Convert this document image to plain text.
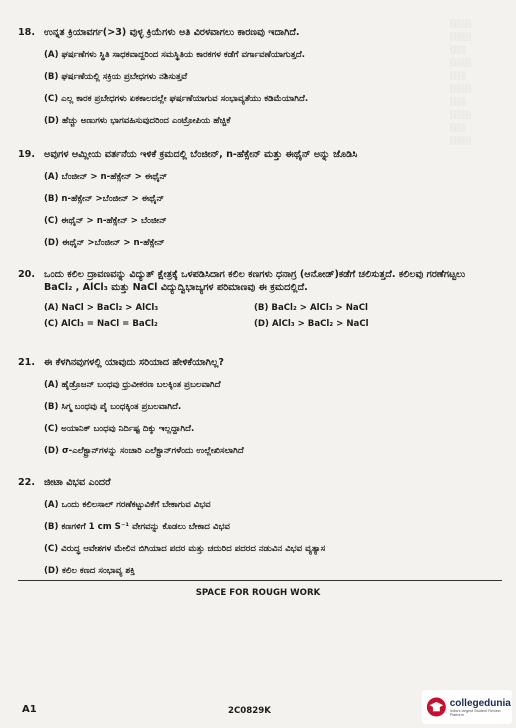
░░░░
░░░░
░░░
░░░░
░░░
░░░░
░░░
░░░░
░░░
░░░░
18. ಉನ್ನತ ಕ್ರಿಯಾವರ್ಗ(>3) ವುಳ್ಳ ಕ್ರಿಯೆಗಳು ಅತಿ ವಿರಳವಾಗಲು ಕಾರಣವು ಇದಾಗಿದೆ.
(A) ಘರ್ಷಣೆಗಳು ಸ್ಥಿತಿ ಸಾಧಕವಾದ್ದರಿಂದ ಸಮಸ್ಥಿತಿಯ ಕಾರಕಗಳ ಕಡೆಗೆ ವರ್ಗಾವಣೆಯಾಗುತ್ತದೆ.
(B) ಘರ್ಷಣೆಯಲ್ಲಿ ಸಕ್ರಿಯ ಪ್ರಬೇಧಗಳು ನಶಿಸುತ್ತವೆ
(C) ಎಲ್ಲ ಕಾರಕ ಪ್ರಬೇಧಗಳು ಏಕಕಾಲದಲ್ಲೇ ಘರ್ಷಣೆಯಾಗುವ ಸಂಭಾವ್ಯತೆಯು ಕಡಿಮೆಯಾಗಿದೆ.
(D) ಹೆಚ್ಚು ಅಣುಗಳು ಭಾಗವಹಿಸುವುದರಿಂದ ಎಂಟ್ರೋಪಿಯ ಹೆಚ್ಚಿಕೆ
19. ಅವುಗಳ ಆಮ್ಲೀಯ ವರ್ತನೆಯ ಇಳಿಕೆ ಕ್ರಮದಲ್ಲಿ ಬೆಂಜೀನ್, n-ಹೆಕ್ಸೇನ್ ಮತ್ತು ಈಥೈನ್ ಅನ್ನು ಜೊಡಿಸಿ
(A) ಬೆಂಜೀನ್ > n-ಹೆಕ್ಸೇನ್ > ಈಥೈನ್
(B) n-ಹೆಕ್ಸೇನ್ >ಬೆಂಜೀನ್ > ಈಥೈನ್
(C) ಈಥೈನ್ > n-ಹೆಕ್ಸೇನ್ > ಬೆಂಜೀನ್
(D) ಈಥೈನ್ >ಬೆಂಜೀನ್ > n-ಹೆಕ್ಸೇನ್
20. ಒಂದು ಕಲಿಲ ದ್ರಾವಣವನ್ನು ವಿದ್ಯುತ್ ಕ್ಷೇತ್ರಕ್ಕೆ ಒಳಪಡಿಸಿದಾಗ ಕಲಿಲ ಕಣಗಳು ಧನಾಗ್ರ (ಆನೋಡ್)ಕಡೆಗೆ ಚಲಿಸುತ್ತದೆ. ಕಲಿಲವು ಗರಣೆಗಟ್ಟಲು BaCl₂ , AlCl₃ ಮತ್ತು NaCl ವಿದ್ಯುದ್ವಿಭಾಜ್ಯಗಳ ಪರಿಮಾಣವು ಈ ಕ್ರಮದಲ್ಲಿದೆ.
(A) NaCl > BaCl₂ > AlCl₃	(B) BaCl₂ > AlCl₃ > NaCl
(C) AlCl₃ = NaCl = BaCl₂	(D) AlCl₃ > BaCl₂ > NaCl
21. ಈ ಕೆಳಗಿನವುಗಳಲ್ಲಿ ಯಾವುದು ಸರಿಯಾದ ಹೇಳಿಕೆಯಾಗಿಲ್ಲ?
(A) ಹೈಡ್ರೊಜನ್ ಬಂಧವು ಧ್ರುವೀಕರಣ ಬಲಕ್ಕಿಂತ ಪ್ರಬಲವಾಗಿದೆ
(B) ಸಿಗ್ಮ ಬಂಧವು ಪೈ ಬಂಧಕ್ಕಿಂತ ಪ್ರಬಲವಾಗಿದೆ.
(C) ಅಯಾನಿಕ್ ಬಂಧವು ನಿರ್ದಿಷ್ಟ ದಿಕ್ಕು ಇಲ್ಲದ್ದಾಗಿದೆ.
(D) σ-ಎಲೆಕ್ಟ್ರಾನ್‌ಗಳನ್ನು ಸಂಚಾರಿ ಎಲೆಕ್ಟ್ರಾನ್‌ಗಳೆಂದು ಉಲ್ಲೇಖಿಸಲಾಗಿದೆ
22. ಜೀಟಾ ವಿಭವ ಎಂದರೆ
(A) ಒಂದು ಕಲಿಲಸಾಲ್ ಗರಣೆಕಟ್ಟುವಿಕೆಗೆ ಬೇಕಾಗುವ ವಿಭವ
(B) ಕಣಗಳಿಗೆ 1 cm S⁻¹ ವೇಗವನ್ನು ಕೊಡಲು ಬೇಕಾದ ವಿಭವ
(C) ವಿರುದ್ಧ ಆವೇಶಗಳ ಮೇಲಿನ ಬಿಗಿಯಾದ ಪದರ ಮತ್ತು ಚದುರಿದ ಪದರದ ನಡುವಿನ ವಿಭವ ವ್ಯತ್ಯಾಸ
(D) ಕಲಿಲ ಕಣದ ಸಂಭಾವ್ಯ ಶಕ್ತಿ
SPACE FOR ROUGH WORK
A1	2C0829K
collegedunia
India's largest Student Review Platform
